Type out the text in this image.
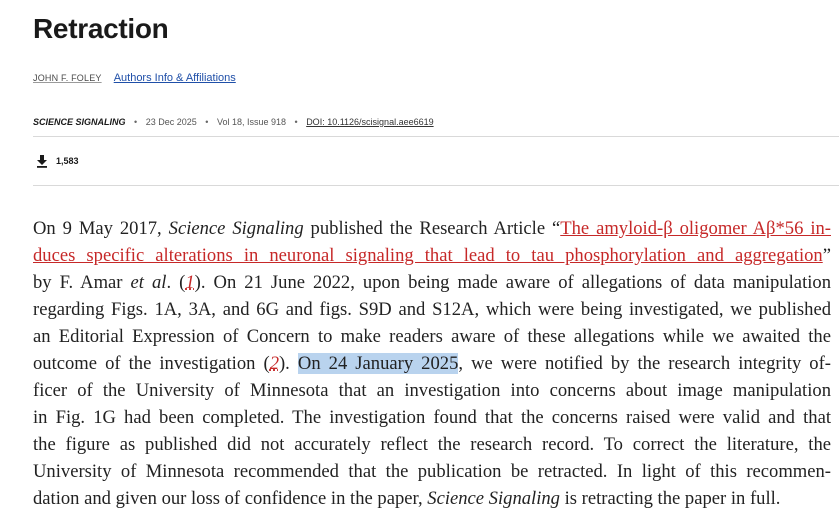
Retraction
JOHN F. FOLEY Authors Info & Affiliations
SCIENCE SIGNALING • 23 Dec 2025 • Vol 18, Issue 918 • DOI: 10.1126/scisignal.aee6619
1,583
On 9 May 2017, Science Signaling published the Research Article “The amyloid-β oligomer Aβ*56 in-
duces specific alterations in neuronal signaling that lead to tau phosphorylation and aggregation”
by F. Amar et al. (1). On 21 June 2022, upon being made aware of allegations of data manipulation
regarding Figs. 1A, 3A, and 6G and figs. S9D and S12A, which were being investigated, we published
an Editorial Expression of Concern to make readers aware of these allegations while we awaited the
outcome of the investigation (2). On 24 January 2025, we were notified by the research integrity of-
ficer of the University of Minnesota that an investigation into concerns about image manipulation
in Fig. 1G had been completed. The investigation found that the concerns raised were valid and that
the figure as published did not accurately reflect the research record. To correct the literature, the
University of Minnesota recommended that the publication be retracted. In light of this recommen-
dation and given our loss of confidence in the paper, Science Signaling is retracting the paper in full.
